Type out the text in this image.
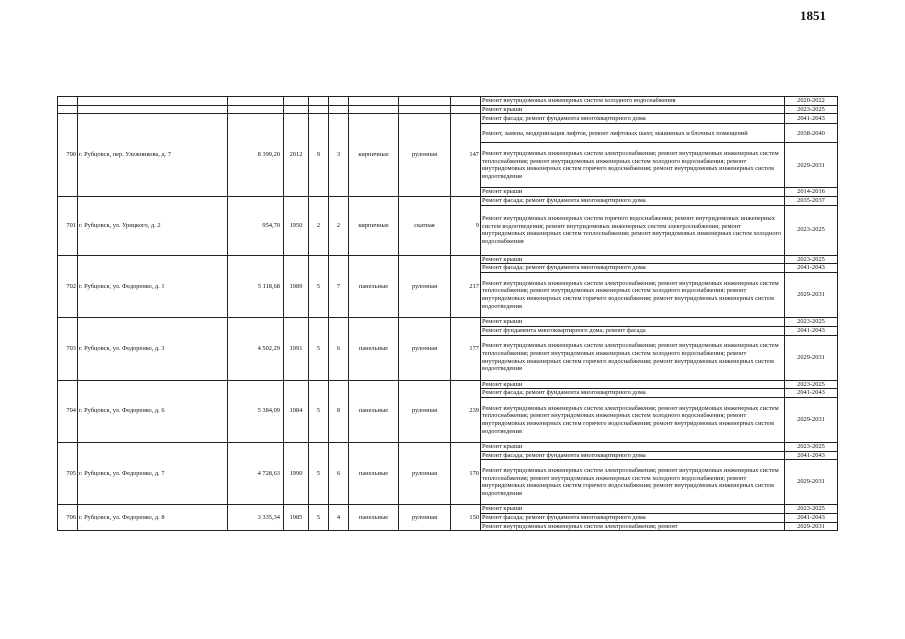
1851
									Ремонт внутридомовых инженерных систем холодного водоснабжения	2020-2022
									Ремонт крыши	2023-2025
700	г. Рубцовск, пер. Улежникова, д. 7	8 399,20	2012	9	3	кирпичные	рулонная	147	Ремонт фасада; ремонт фундамента многоквартирного дома	2041-2043
									Ремонт, замена, модернизация лифтов, ремонт лифтовых шахт, машинных и блочных помещений	2038-2040
									Ремонт внутридомовых инженерных систем электроснабжения; ремонт внутридомовых инженерных систем теплоснабжения; ремонт внутридомовых инженерных систем холодного водоснабжения; ремонт внутридомовых инженерных систем горячего водоснабжения; ремонт внутридомовых инженерных систем водоотведения	2029-2031
									Ремонт крыши	2014-2016
701	г. Рубцовск, ул. Урицкого, д. 2	954,70	1950	2	2	кирпичные	скатная	9	Ремонт фасада; ремонт фундамента многоквартирного дома	2035-2037
									Ремонт внутридомовых инженерных систем горячего водоснабжения; ремонт внутридомовых инженерных систем водоотведения; ремонт внутридомовых инженерных систем электроснабжения; ремонт внутридомовых инженерных систем теплоснабжения; ремонт внутридомовых инженерных систем холодного водоснабжения	2023-2025
702	г. Рубцовск, ул. Федоренко, д. 1	5 118,68	1989	5	7	панельные	рулонная	217	Ремонт крыши	2023-2025
									Ремонт фасада; ремонт фундамента многоквартирного дома	2041-2043
									Ремонт внутридомовых инженерных систем электроснабжения; ремонт внутридомовых инженерных систем теплоснабжения; ремонт внутридомовых инженерных систем холодного водоснабжения; ремонт внутридомовых инженерных систем горячего водоснабжения; ремонт внутридомовых инженерных систем водоотведения	2029-2031
703	г. Рубцовск, ул. Федоренко, д. 3	4 502,29	1991	5	6	панельные	рулонная	177	Ремонт крыши	2023-2025
									Ремонт фундамента многоквартирного дома; ремонт фасада	2041-2043
									Ремонт внутридомовых инженерных систем электроснабжения; ремонт внутридомовых инженерных систем теплоснабжения; ремонт внутридомовых инженерных систем холодного водоснабжения; ремонт внутридомовых инженерных систем горячего водоснабжения; ремонт внутридомовых инженерных систем водоотведения	2029-2031
704	г. Рубцовск, ул. Федоренко, д. 6	5 384,09	1984	5	8	панельные	рулонная	239	Ремонт крыши	2023-2025
									Ремонт фасада; ремонт фундамента многоквартирного дома	2041-2043
									Ремонт внутридомовых инженерных систем электроснабжения; ремонт внутридомовых инженерных систем теплоснабжения; ремонт внутридомовых инженерных систем холодного водоснабжения; ремонт внутридомовых инженерных систем горячего водоснабжения; ремонт внутридомовых инженерных систем водоотведения	2029-2031
705	г. Рубцовск, ул. Федоренко, д. 7	4 728,63	1990	5	6	панельные	рулонная	170	Ремонт крыши	2023-2025
									Ремонт фасада; ремонт фундамента многоквартирного дома	2041-2043
									Ремонт внутридомовых инженерных систем электроснабжения; ремонт внутридомовых инженерных систем теплоснабжения; ремонт внутридомовых инженерных систем холодного водоснабжения; ремонт внутридомовых инженерных систем горячего водоснабжения; ремонт внутридомовых инженерных систем водоотведения	2029-2031
706	г. Рубцовск, ул. Федоренко, д. 8	3 335,34	1985	5	4	панельные	рулонная	150	Ремонт крыши	2023-2025
									Ремонт фасада; ремонт фундамента многоквартирного дома	2041-2043
									Ремонт внутридомовых инженерных систем электроснабжения; ремонт	2029-2031
